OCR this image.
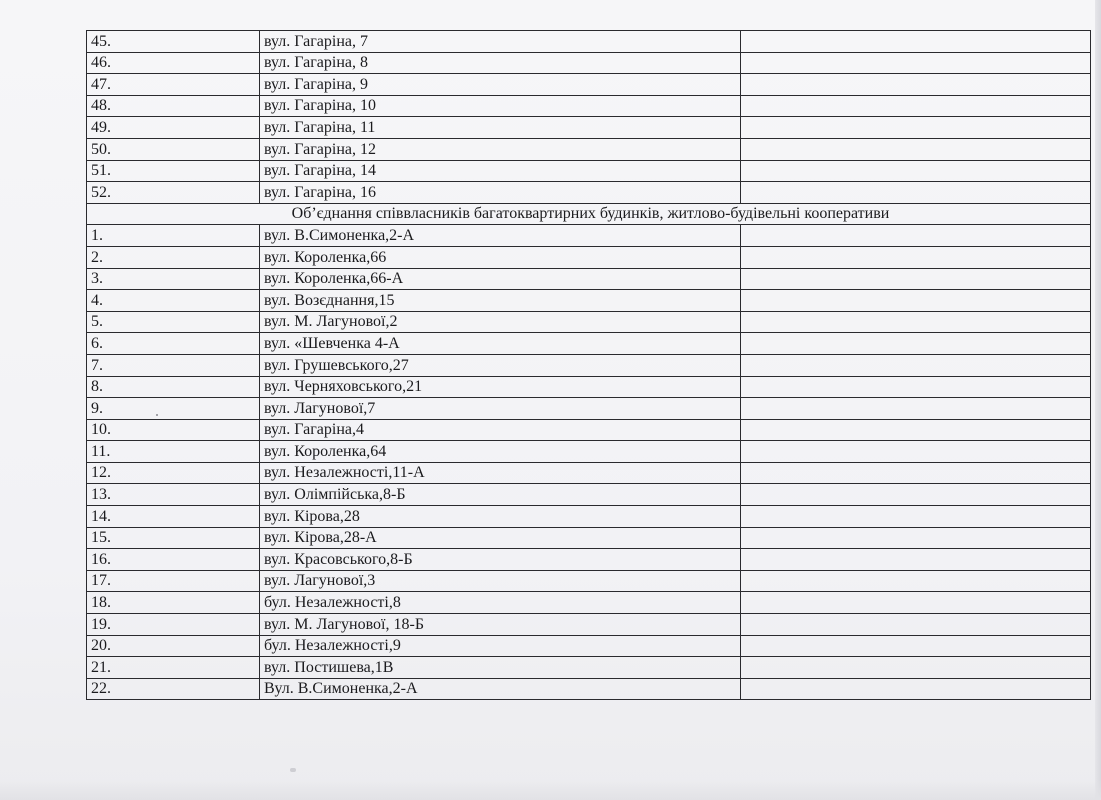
45.	вул. Гагаріна, 7	
46.	вул. Гагаріна, 8	
47.	вул. Гагаріна, 9	
48.	вул. Гагаріна, 10	
49.	вул. Гагаріна, 11	
50.	вул. Гагаріна, 12	
51.	вул. Гагаріна, 14	
52.	вул. Гагаріна, 16	
Об’єднання співвласників багатоквартирних будинків, житлово-будівельні кооперативи		
1.	вул. В.Симоненка,2-А	
2.	вул. Короленка,66	
3.	вул. Короленка,66-А	
4.	вул. Возєднання,15	
5.	вул. М. Лагунової,2	
6.	вул. «Шевченка 4-А	
7.	вул. Грушевського,27	
8.	вул. Черняховського,21	
9.	вул. Лагунової,7	
10.	вул. Гагаріна,4	
11.	вул. Короленка,64	
12.	вул. Незалежності,11-А	
13.	вул. Олімпійська,8-Б	
14.	вул. Кірова,28	
15.	вул. Кірова,28-А	
16.	вул. Красовського,8-Б	
17.	вул. Лагунової,3	
18.	бул. Незалежності,8	
19.	вул. М. Лагунової, 18-Б	
20.	бул. Незалежності,9	
21.	вул. Постишева,1В	
22.	Вул. В.Симоненка,2-А	
